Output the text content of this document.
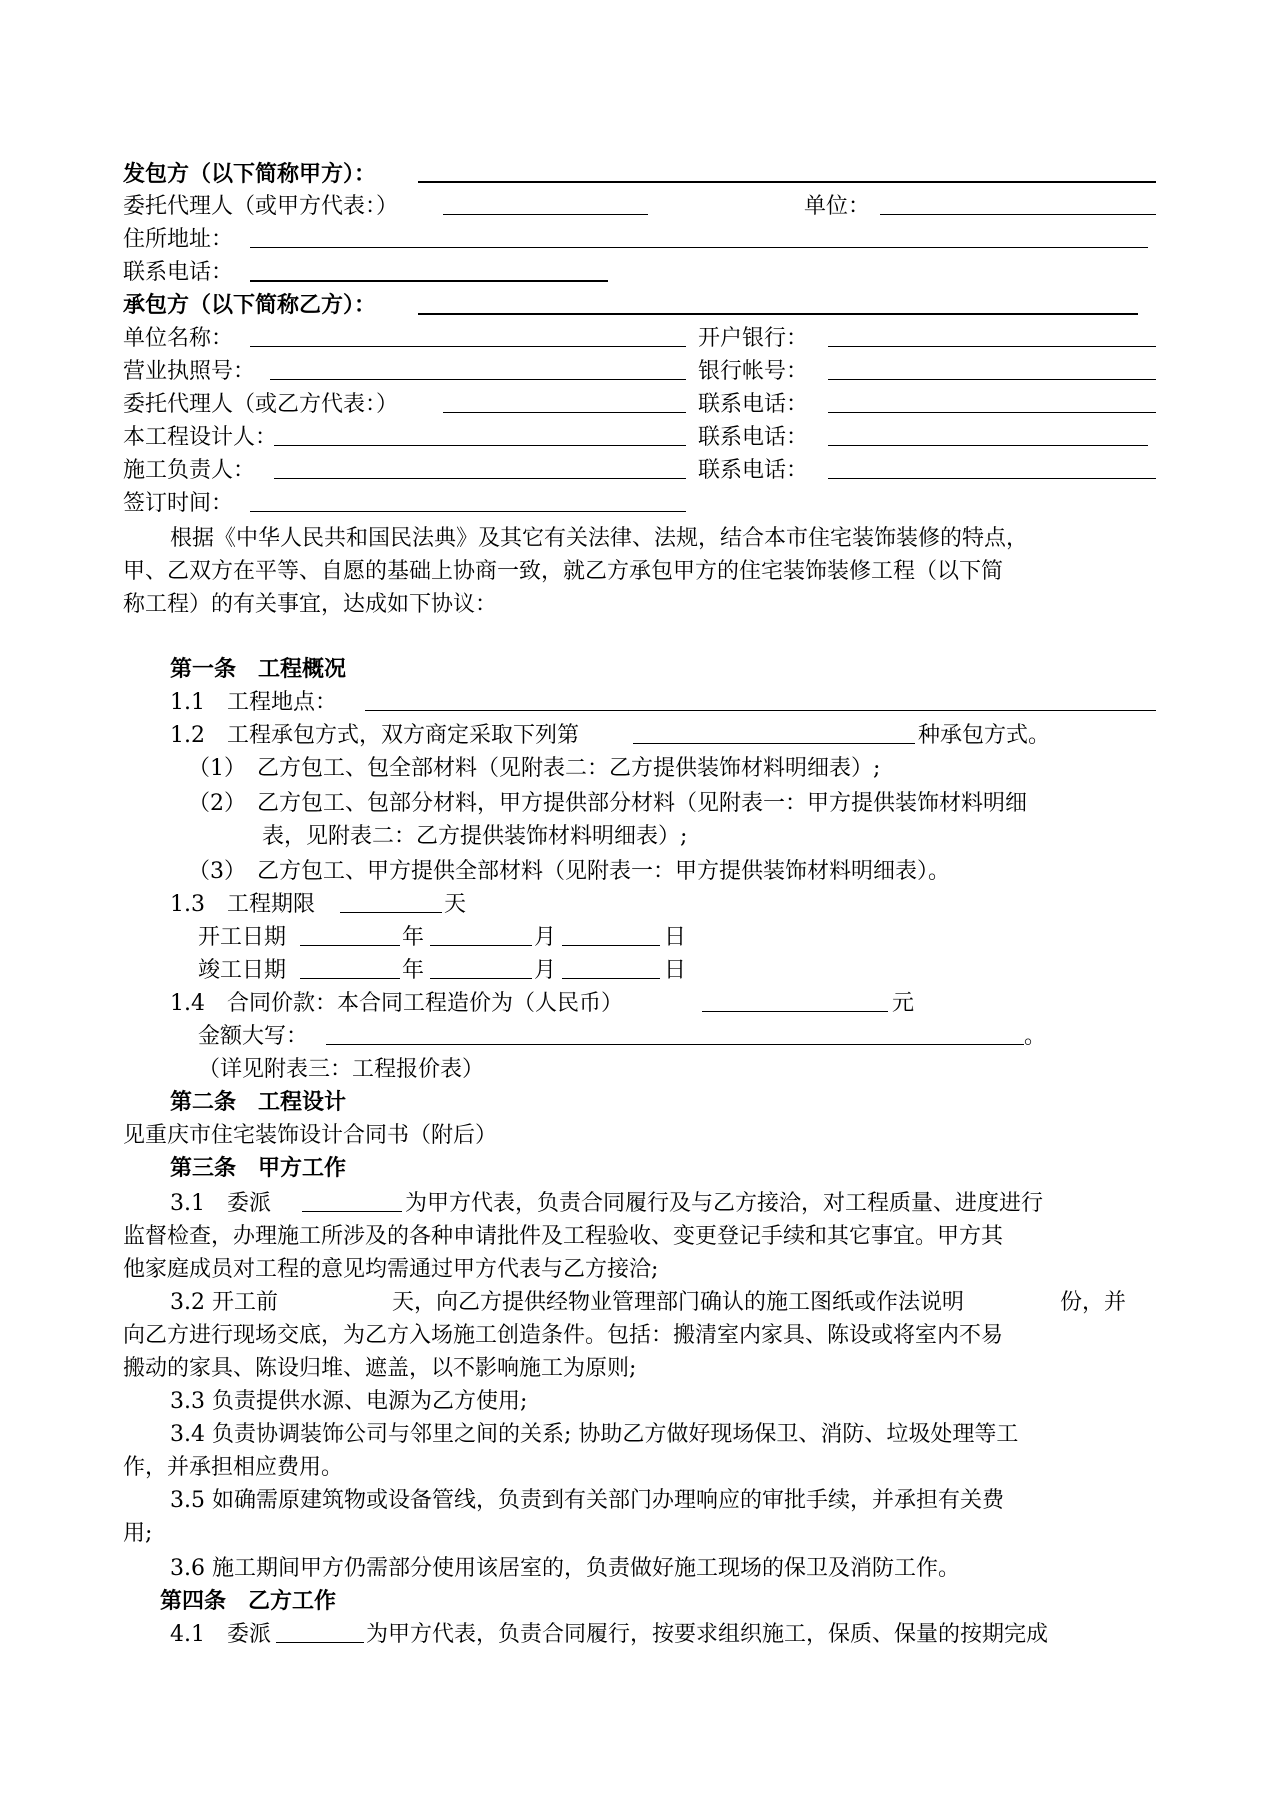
发包方（以下简称甲方）：
委托代理人（或甲方代表：）	单位：
住所地址：
联系电话：
承包方（以下简称乙方）：
单位名称：	开户银行：
营业执照号：	银行帐号：
委托代理人（或乙方代表：）	联系电话：
本工程设计人：	联系电话：
施工负责人：	联系电话：
签订时间：
根据《中华人民共和国民法典》及其它有关法律、法规，结合本市住宅装饰装修的特点，
甲、乙双方在平等、自愿的基础上协商一致，就乙方承包甲方的住宅装饰装修工程（以下简
称工程）的有关事宜，达成如下协议：
第一条　工程概况
1.1　工程地点：
1.2　工程承包方式，双方商定采取下列第	种承包方式。
（1）　乙方包工、包全部材料（见附表二：乙方提供装饰材料明细表）;
（2）　乙方包工、包部分材料，甲方提供部分材料（见附表一：甲方提供装饰材料明细
表，见附表二：乙方提供装饰材料明细表）;
（3）　乙方包工、甲方提供全部材料（见附表一：甲方提供装饰材料明细表）。
1.3　工程期限	天
开工日期	年	月	日
竣工日期	年	月	日
1.4　合同价款：本合同工程造价为（人民币）	元
金额大写：	。
（详见附表三：工程报价表）
第二条　工程设计
见重庆市住宅装饰设计合同书（附后）
第三条　甲方工作
3.1　委派	为甲方代表，负责合同履行及与乙方接洽，对工程质量、进度进行
监督检查，办理施工所涉及的各种申请批件及工程验收、变更登记手续和其它事宜。甲方其
他家庭成员对工程的意见均需通过甲方代表与乙方接洽;
3.2 开工前	天，向乙方提供经物业管理部门确认的施工图纸或作法说明	份，并
向乙方进行现场交底，为乙方入场施工创造条件。包括：搬清室内家具、陈设或将室内不易
搬动的家具、陈设归堆、遮盖，以不影响施工为原则;
3.3 负责提供水源、电源为乙方使用;
3.4 负责协调装饰公司与邻里之间的关系; 协助乙方做好现场保卫、消防、垃圾处理等工
作，并承担相应费用。
3.5 如确需原建筑物或设备管线，负责到有关部门办理响应的审批手续，并承担有关费
用;
3.6 施工期间甲方仍需部分使用该居室的，负责做好施工现场的保卫及消防工作。
第四条　乙方工作
4.1　委派	为甲方代表，负责合同履行，按要求组织施工，保质、保量的按期完成
